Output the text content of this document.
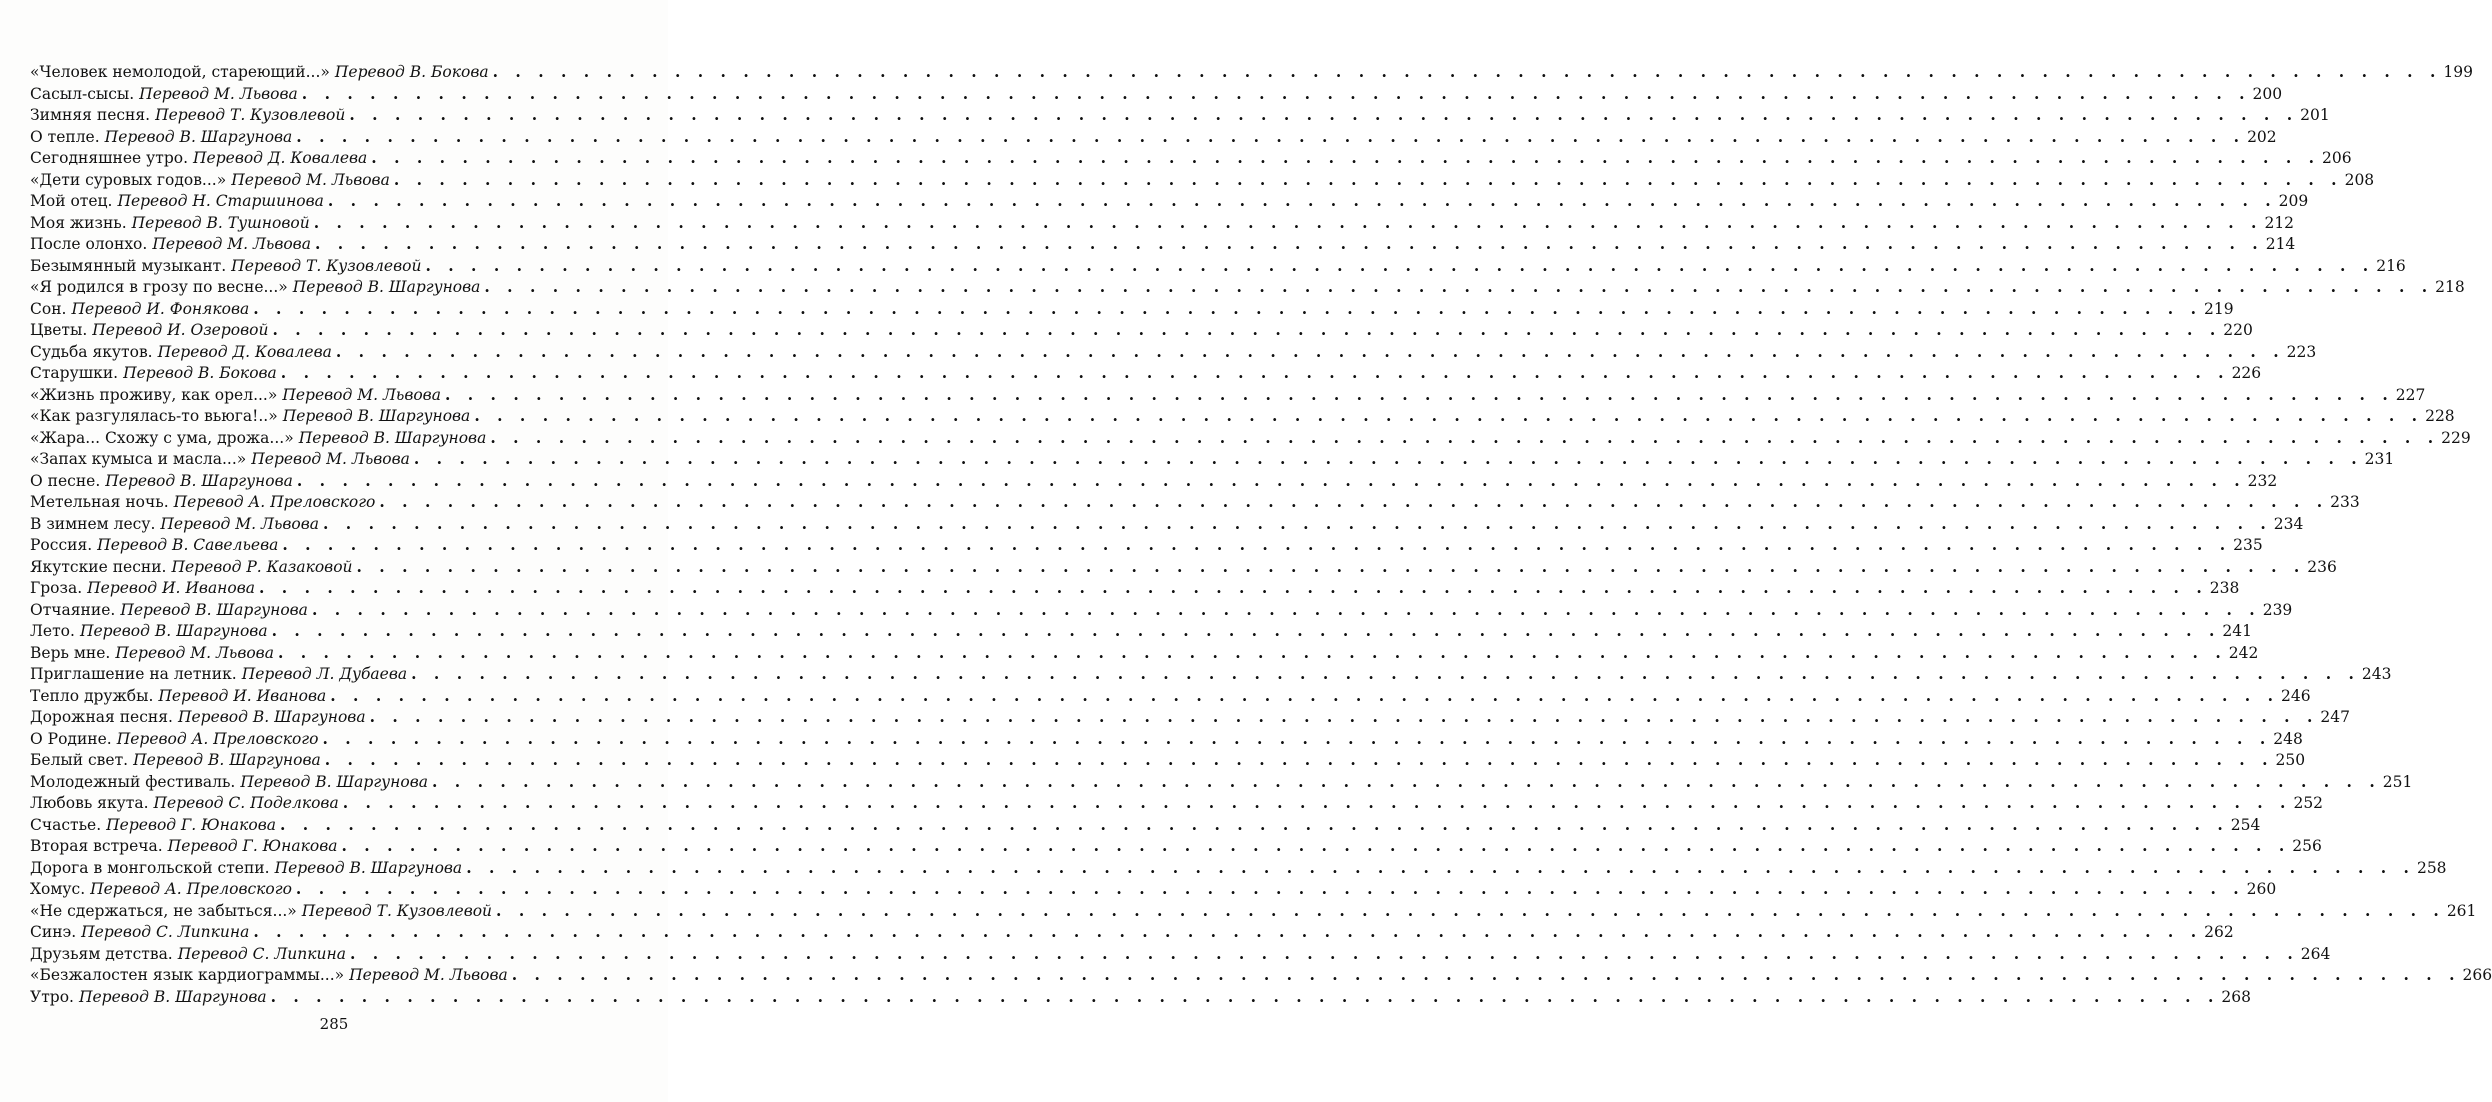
«Человек немолодой, стареющий...» Перевод В. Бокова . . .	199
Сасыл-сысы. Перевод М. Львова . . .	200
Зимняя песня. Перевод Т. Кузовлевой . . .	201
О тепле. Перевод В. Шаргунова . . .	202
Сегодняшнее утро. Перевод Д. Ковалева . . .	206
«Дети суровых годов...» Перевод М. Львова . . .	208
Мой отец. Перевод Н. Старшинова . . .	209
Моя жизнь. Перевод В. Тушновой . . .	212
После олонхо. Перевод М. Львова . . .	214
Безымянный музыкант. Перевод Т. Кузовлевой . . .	216
«Я родился в грозу по весне...» Перевод В. Шаргунова . . .	218
Сон. Перевод И. Фонякова . . .	219
Цветы. Перевод И. Озеровой . . .	220
Судьба якутов. Перевод Д. Ковалева . . .	223
Старушки. Перевод В. Бокова . . .	226
«Жизнь проживу, как орел...» Перевод М. Львова . . .	227
«Как разгулялась-то вьюга!..» Перевод В. Шаргунова . . .	228
«Жара... Схожу с ума, дрожа...» Перевод В. Шаргунова . . .	229
«Запах кумыса и масла...» Перевод М. Львова . . .	231
О песне. Перевод В. Шаргунова . . .	232
Метельная ночь. Перевод А. Преловского . . .	233
В зимнем лесу. Перевод М. Львова . . .	234
Россия. Перевод В. Савельева . . .	235
Якутские песни. Перевод Р. Казаковой . . .	236
Гроза. Перевод И. Иванова . . .	238
Отчаяние. Перевод В. Шаргунова . . .	239
Лето. Перевод В. Шаргунова . . .	241
Верь мне. Перевод М. Львова . . .	242
Приглашение на летник. Перевод Л. Дубаева . . .	243
Тепло дружбы. Перевод И. Иванова . . .	246
Дорожная песня. Перевод В. Шаргунова . . .	247
О Родине. Перевод А. Преловского . . .	248
Белый свет. Перевод В. Шаргунова . . .	250
Молодежный фестиваль. Перевод В. Шаргунова . . .	251
Любовь якута. Перевод С. Поделкова . . .	252
Счастье. Перевод Г. Юнакова . . .	254
Вторая встреча. Перевод Г. Юнакова . . .	256
Дорога в монгольской степи. Перевод В. Шаргунова . . .	258
Хомус. Перевод А. Преловского . . .	260
«Не сдержаться, не забыться...» Перевод Т. Кузовлевой . . .	261
Синэ. Перевод С. Липкина . . .	262
Друзьям детства. Перевод С. Липкина . . .	264
«Безжалостен язык кардиограммы...» Перевод М. Львова . . .	266
Утро. Перевод В. Шаргунова . . .	268
285
